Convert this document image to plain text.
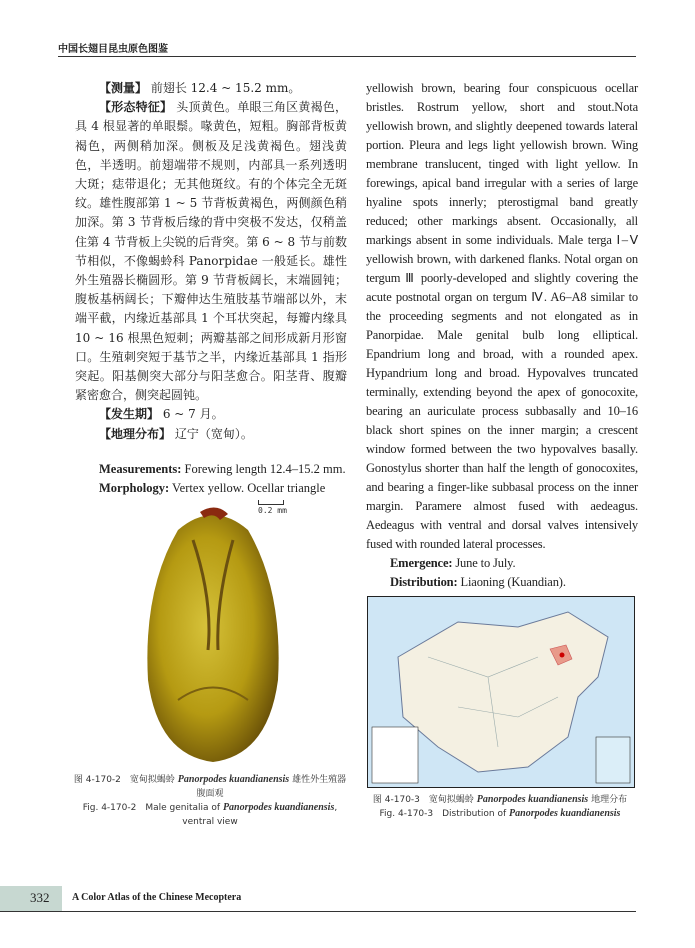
中国长翅目昆虫原色图鉴

【测量】 前翅长 12.4 ~ 15.2 mm。

【形态特征】 头顶黄色。单眼三角区黄褐色，具 4 根显著的单眼鬃。喙黄色，短粗。胸部背板黄褐色，两侧稍加深。侧板及足浅黄褐色。翅浅黄色，半透明。前翅端带不规则，内部具一系列透明大斑；痣带退化；无其他斑纹。有的个体完全无斑纹。雄性腹部第 1 ~ 5 节背板黄褐色，两侧颜色稍加深。第 3 节背板后缘的背中突极不发达，仅稍盖住第 4 节背板上尖锐的后背突。第 6 ~ 8 节与前数节相似，不像蝎蛉科 Panorpidae 一般延长。雄性外生殖器长椭圆形。第 9 节背板阔长，末端圆钝；腹板基柄阔长；下瓣伸达生殖肢基节端部以外，末端平截，内缘近基部具 1 个耳状突起，每瓣内缘具 10 ~ 16 根黑色短刺；两瓣基部之间形成新月形窗口。生殖刺突短于基节之半，内缘近基部具 1 指形突起。阳基侧突大部分与阳茎愈合。阳茎背、腹瓣紧密愈合，侧突起圆钝。

【发生期】 6 ~ 7 月。

【地理分布】 辽宁（宽甸）。

Measurements: Forewing length 12.4–15.2 mm.

Morphology: Vertex yellow. Ocellar triangle

yellowish brown, bearing four conspicuous ocellar bristles. Rostrum yellow, short and stout.Nota yellowish brown, and slightly deepened towards lateral portion. Pleura and legs light yellowish brown. Wing membrane translucent, tinged with light yellow. In forewings, apical band irregular with a series of large hyaline spots innerly; pterostigmal band greatly reduced; other markings absent. Occasionally, all markings absent in some individuals. Male terga Ⅰ–Ⅴ yellowish brown, with darkened flanks. Notal organ on tergum Ⅲ poorly-developed and slightly covering the acute postnotal organ on tergum Ⅳ. A6–A8 similar to the proceeding segments and not elongated as in Panorpidae. Male genital bulb long elliptical. Epandrium long and broad, with a rounded apex. Hypandrium long and broad. Hypovalves truncated terminally, extending beyond the apex of gonocoxite, bearing an auriculate process subbasally and 10–16 black short spines on the inner margin; a crescent window formed between the two hypovalves basally. Gonostylus shorter than half the length of gonocoxites, and bearing a finger-like subbasal process on the inner margin. Paramere almost fused with aedeagus. Aedeagus with ventral and dorsal valves intensively fused with rounded lateral processes.

Emergence: June to July.

Distribution: Liaoning (Kuandian).

0.2 mm
图 4-170-2　宽甸拟蝎蛉 Panorpodes kuandianensis 雄性外生殖器腹面观
Fig. 4-170-2　Male genitalia of Panorpodes kuandianensis, ventral view
图 4-170-3　宽甸拟蝎蛉 Panorpodes kuandianensis 地理分布
Fig. 4-170-3　Distribution of Panorpodes kuandianensis
332 A Color Atlas of the Chinese Mecoptera
